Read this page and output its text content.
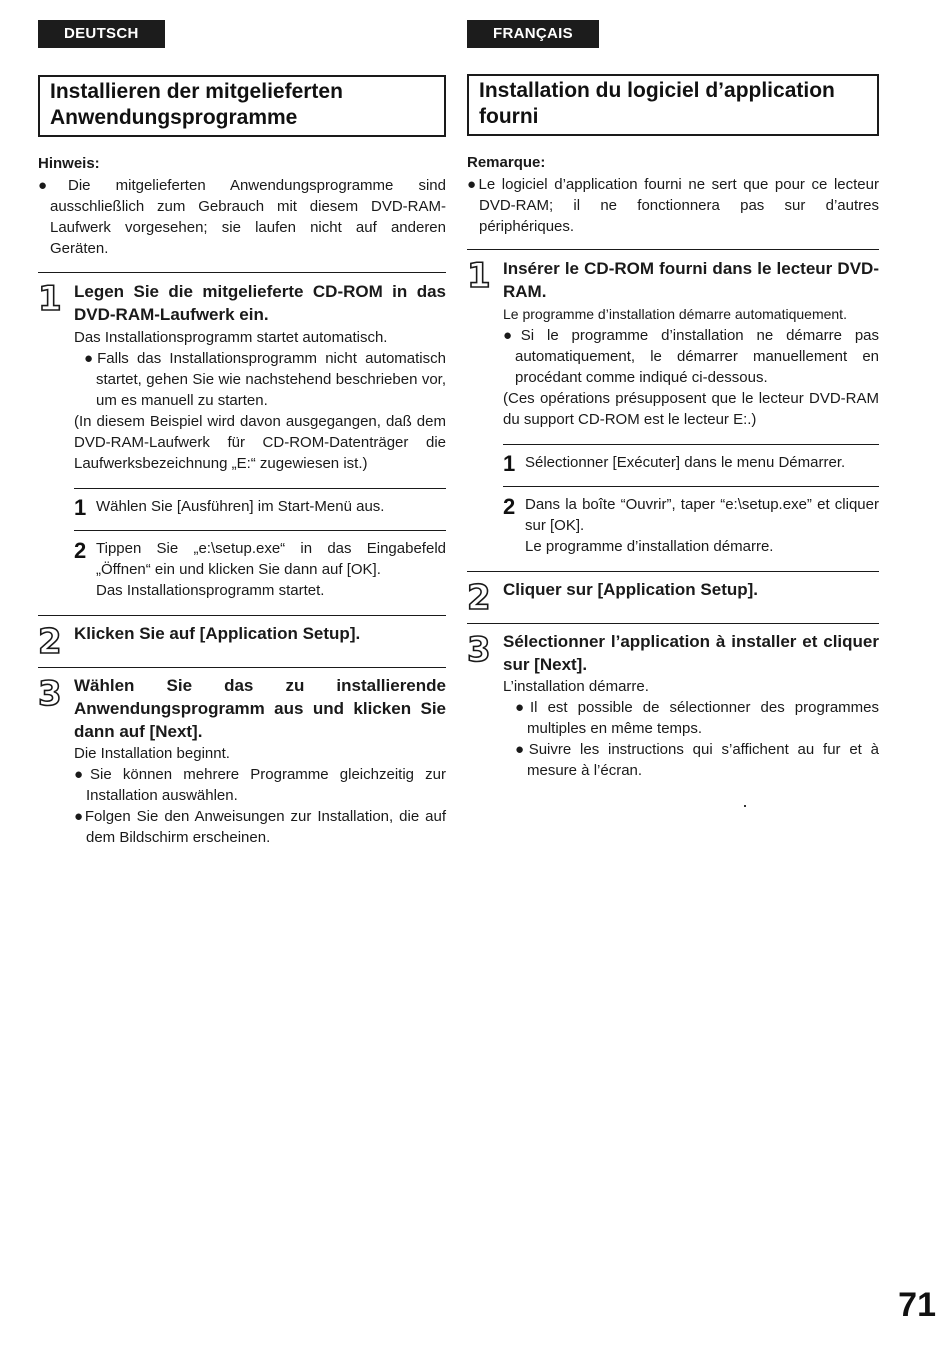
DEUTSCH
Installieren der mitgelieferten Anwendungsprogramme
Hinweis:
●Die mitgelieferten Anwendungsprogramme sind ausschließlich zum Gebrauch mit diesem DVD-RAM-Laufwerk vorgesehen; sie laufen nicht auf anderen Geräten.
1 Legen Sie die mitgelieferte CD-ROM in das DVD-RAM-Laufwerk ein.
Das Installationsprogramm startet automatisch.
●Falls das Installationsprogramm nicht automatisch startet, gehen Sie wie nachstehend beschrieben vor, um es manuell zu starten.
(In diesem Beispiel wird davon ausgegangen, daß dem DVD-RAM-Laufwerk für CD-ROM-Datenträger die Laufwerksbezeichnung „E:“ zugewiesen ist.)
1 Wählen Sie [Ausführen] im Start-Menü aus.
2 Tippen Sie „e:\setup.exe“ in das Eingabefeld „Öffnen“ ein und klicken Sie dann auf [OK].
Das Installationsprogramm startet.
2 Klicken Sie auf [Application Setup].
3 Wählen Sie das zu installierende Anwendungsprogramm aus und klicken Sie dann auf [Next].
Die Installation beginnt.
●Sie können mehrere Programme gleichzeitig zur Installation auswählen.
●Folgen Sie den Anweisungen zur Installation, die auf dem Bildschirm erscheinen.
FRANÇAIS
Installation du logiciel d’application fourni
Remarque:
●Le logiciel d’application fourni ne sert que pour ce lecteur DVD-RAM; il ne fonctionnera pas sur d’autres périphériques.
1 Insérer le CD-ROM fourni dans le lecteur DVD-RAM.
Le programme d’installation démarre automatiquement.
●Si le programme d’installation ne démarre pas automatiquement, le démarrer manuellement en procédant comme indiqué ci-dessous.
(Ces opérations présupposent que le lecteur DVD-RAM du support CD-ROM est le lecteur E:.)
1 Sélectionner [Exécuter] dans le menu Démarrer.
2 Dans la boîte “Ouvrir”, taper “e:\setup.exe” et cliquer sur [OK].
Le programme d’installation démarre.
2 Cliquer sur [Application Setup].
3 Sélectionner l’application à installer et cliquer sur [Next].
L’installation démarre.
●Il est possible de sélectionner des programmes multiples en même temps.
●Suivre les instructions qui s’affichent au fur et à mesure à l’écran.
71
